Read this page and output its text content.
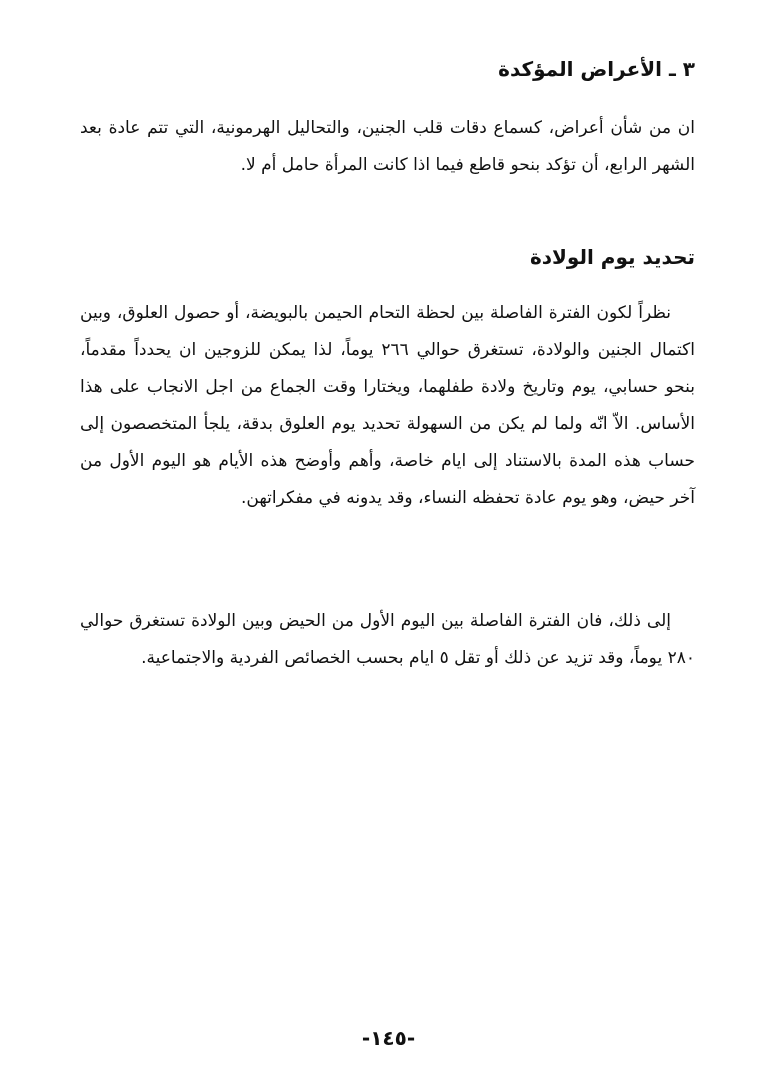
٣ ـ الأعراض المؤكدة

ان من شأن أعراض، كسماع دقات قلب الجنين، والتحاليل الهرمونية، التي تتم عادة بعد الشهر الرابع، أن تؤكد بنحو قاطع فيما اذا كانت المرأة حامل أم لا.

تحديد يوم الولادة

نظراً لكون الفترة الفاصلة بين لحظة التحام الحيمن بالبويضة، أو حصول العلوق، وبين اكتمال الجنين والولادة، تستغرق حوالي ٢٦٦ يوماً، لذا يمكن للزوجين ان يحدداً مقدماً، بنحو حسابي، يوم وتاريخ ولادة طفلهما، ويختارا وقت الجماع من اجل الانجاب على هذا الأساس. الاّ انّه ولما لم يكن من السهولة تحديد يوم العلوق بدقة، يلجأ المتخصصون إلى حساب هذه المدة بالاستناد إلى ايام خاصة، وأهم وأوضح هذه الأيام هو اليوم الأول من آخر حيض، وهو يوم عادة تحفظه النساء، وقد يدونه في مفكراتهن.

إلى ذلك، فان الفترة الفاصلة بين اليوم الأول من الحيض وبين الولادة تستغرق حوالي ٢٨٠ يوماً، وقد تزيد عن ذلك أو تقل ٥ ايام بحسب الخصائص الفردية والاجتماعية.

-١٤٥-
